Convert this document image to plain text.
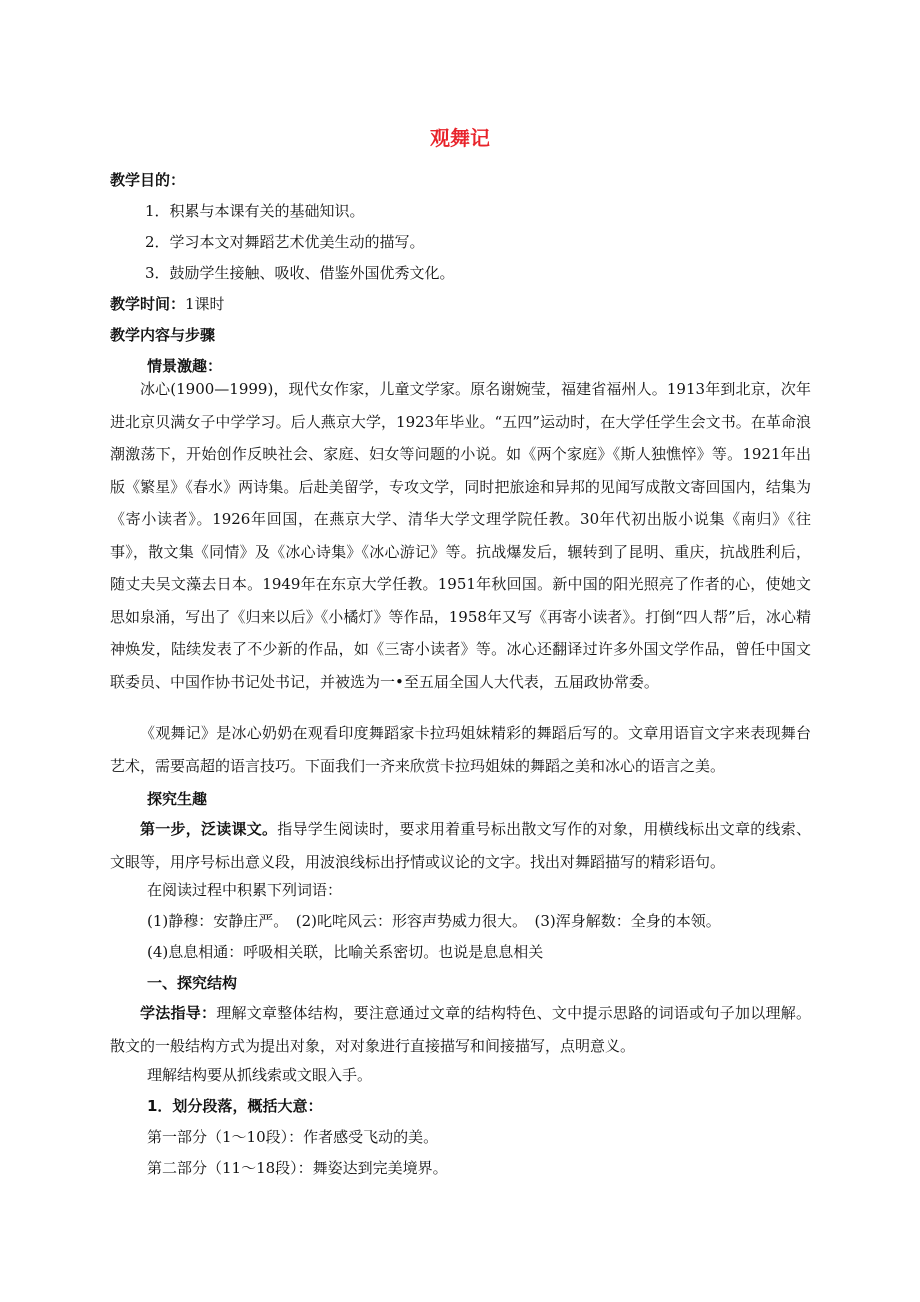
观舞记
教学目的：
1．积累与本课有关的基础知识。
2．学习本文对舞蹈艺术优美生动的描写。
3．鼓励学生接触、吸收、借鉴外国优秀文化。
教学时间：1课时
教学内容与步骤
情景激趣：
冰心(1900—1999)，现代女作家，儿童文学家。原名谢婉莹，福建省福州人。1913年到北京，次年进北京贝满女子中学学习。后人燕京大学，1923年毕业。“五四”运动时，在大学任学生会文书。在革命浪潮激荡下，开始创作反映社会、家庭、妇女等问题的小说。如《两个家庭》《斯人独憔悴》等。1921年出版《繁星》《春水》两诗集。后赴美留学，专攻文学，同时把旅途和异邦的见闻写成散文寄回国内，结集为《寄小读者》。1926年回国，在燕京大学、清华大学文理学院任教。30年代初出版小说集《南归》《往事》，散文集《同情》及《冰心诗集》《冰心游记》等。抗战爆发后，辗转到了昆明、重庆，抗战胜利后，随丈夫吴文藻去日本。1949年在东京大学任教。1951年秋回国。新中国的阳光照亮了作者的心，使她文思如泉涌，写出了《归来以后》《小橘灯》等作品，1958年又写《再寄小读者》。打倒“四人帮”后，冰心精神焕发，陆续发表了不少新的作品，如《三寄小读者》等。冰心还翻译过许多外国文学作品，曾任中国文联委员、中国作协书记处书记，并被选为一•至五届全国人大代表，五届政协常委。
《观舞记》是冰心奶奶在观看印度舞蹈家卡拉玛姐妹精彩的舞蹈后写的。文章用语盲文字来表现舞台艺术，需要高超的语言技巧。下面我们一齐来欣赏卡拉玛姐妹的舞蹈之美和冰心的语言之美。
探究生趣
第一步，泛读课文。指导学生阅读时，要求用着重号标出散文写作的对象，用横线标出文章的线索、文眼等，用序号标出意义段，用波浪线标出抒情或议论的文字。找出对舞蹈描写的精彩语句。
在阅读过程中积累下列词语：
(1)静穆：安静庄严。　(2)叱咤风云：形容声势威力很大。　(3)浑身解数：全身的本领。
(4)息息相通：呼吸相关联，比喻关系密切。也说是息息相关
一、探究结构
学法指导：理解文章整体结构，要注意通过文章的结构特色、文中提示思路的词语或句子加以理解。散文的一般结构方式为提出对象，对对象进行直接描写和间接描写，点明意义。
理解结构要从抓线索或文眼入手。
1．划分段落，概括大意：
第一部分（1～10段）：作者感受飞动的美。
第二部分（11～18段）：舞姿达到完美境界。
